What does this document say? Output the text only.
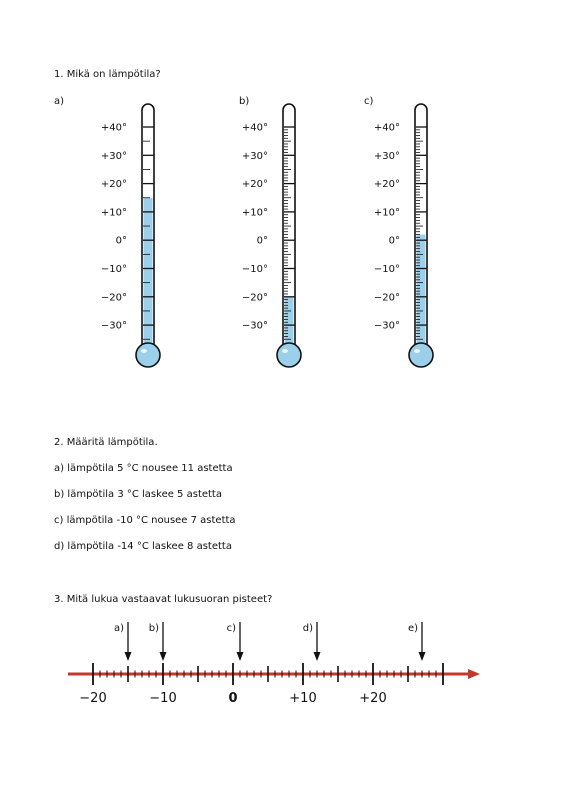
1. Mikä on lämpötila?
a)	b)	c)
+40°
+30°
+20°
+10°
0°
−10°
−20°
−30°
+40°
+30°
+20°
+10°
0°
−10°
−20°
−30°
+40°
+30°
+20°
+10°
0°
−10°
−20°
−30°
2. Määritä lämpötila.
a) lämpötila 5 °C nousee 11 astetta
b) lämpötila 3 °C laskee 5 astetta
c) lämpötila -10 °C nousee 7 astetta
d) lämpötila -14 °C laskee 8 astetta
3. Mitä lukua vastaavat lukusuoran pisteet?
−20	−10	0	+10	+20
a) b)	c)	d)	e)
